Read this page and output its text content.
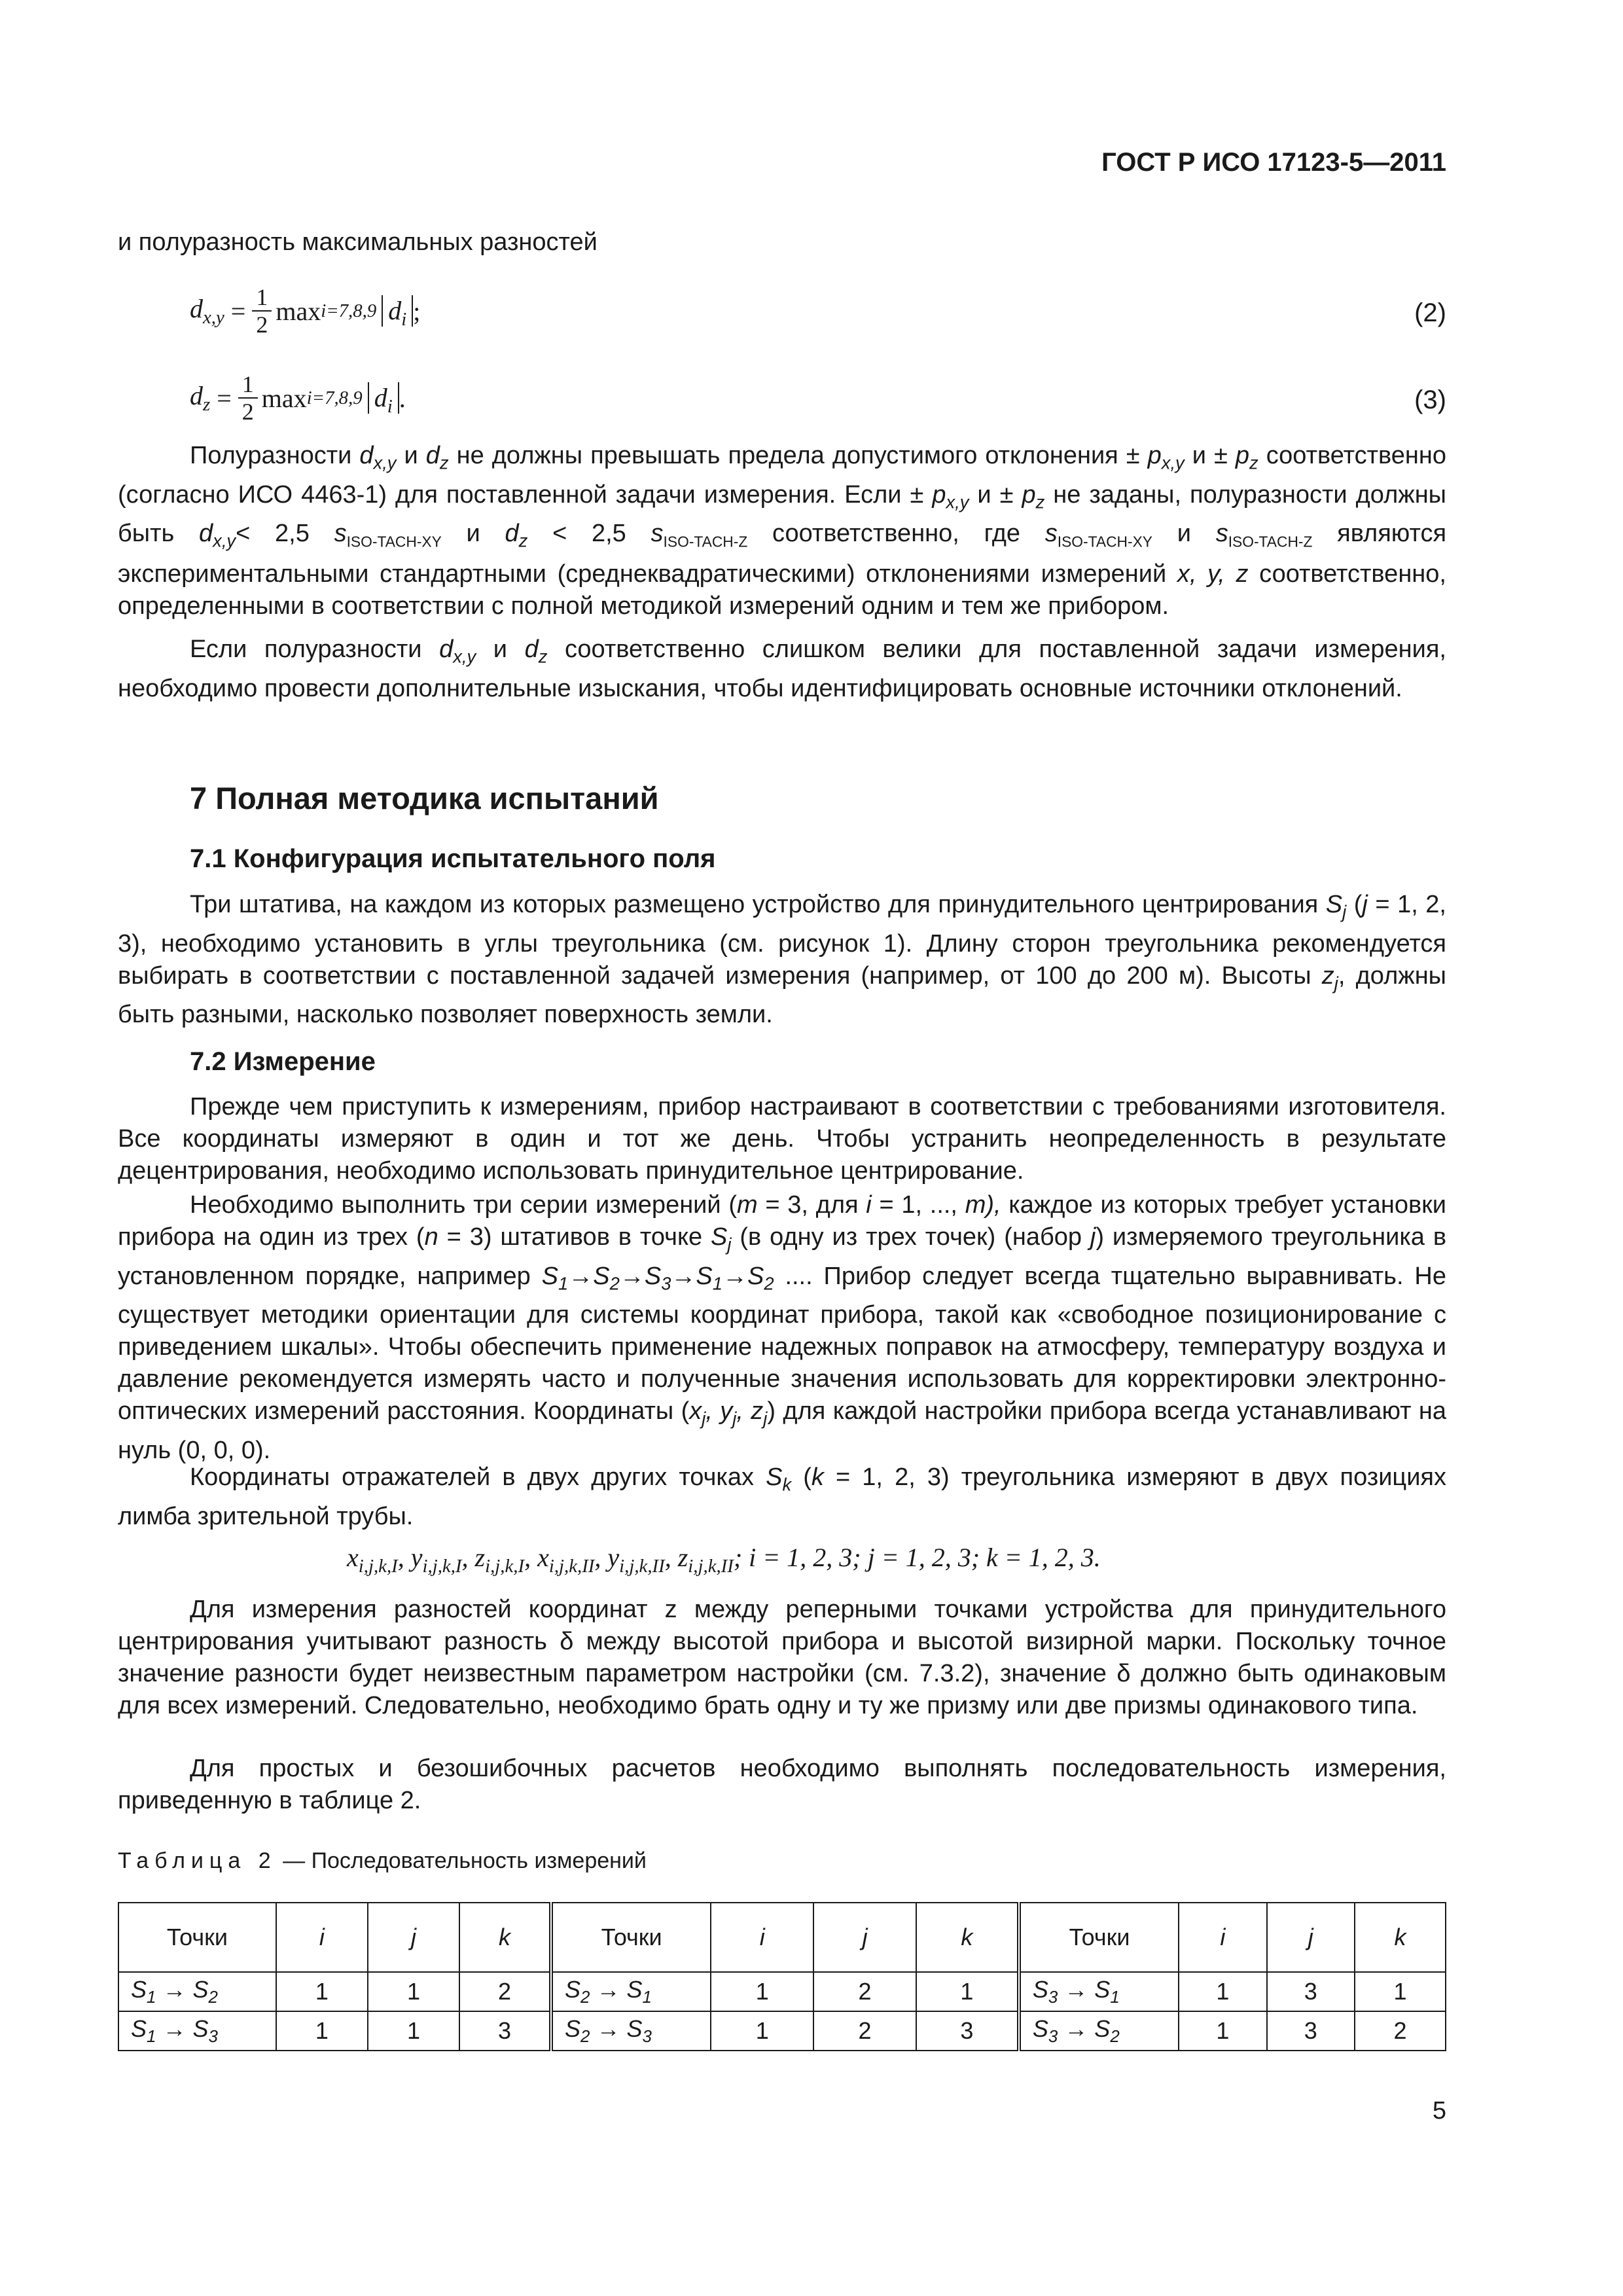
ГОСТ Р ИСО 17123-5—2011
и полуразность максимальных разностей
$d_{x,y} = \frac{1}{2}$ max i=7,8,9 $d_i$ ;	(2)
$d_z = \frac{1}{2}$ max i=7,8,9 $d_i$ .	(3)
Полуразности $d_{x,y}$ и $d_z$ не должны превышать предела допустимого отклонения ± $p_{x,y}$ $и \pm p_z$ соответственно (согласно ИСО 4463-1) для поставленной задачи измерения. Если ± $p_{x,y}$ $и \pm p_z$ не заданы, полуразности должны быть $d_{x,y}< 2,5$ $s_{ISO-TACH-XY}$ и $d_z < 2,5$ $s_{ISO-TACH-Z}$ соответственно, где $s_{ISO-TACH-XY}$ и $s_{ISO-TACH-Z}$ являются экспериментальными стандартными (среднеквадратическими) отклонениями измерений x, y, z соответственно, определенными в соответствии с полной методикой измерений одним и тем же прибором.
Если полуразности $d_{x,y}$ и $d_z$ соответственно слишком велики для поставленной задачи измерения, необходимо провести дополнительные изыскания, чтобы идентифицировать основные источники отклонений.
7 Полная методика испытаний
7.1 Конфигурация испытательного поля
Три штатива, на каждом из которых размещено устройство для принудительного центрирования $S_j$ (j = 1, 2, 3), необходимо установить в углы треугольника (см. рисунок 1). Длину сторон треугольника рекомендуется выбирать в соответствии с поставленной задачей измерения (например, от 100 до 200 м). Высоты $z_j$, должны быть разными, насколько позволяет поверхность земли.
7.2 Измерение
Прежде чем приступить к измерениям, прибор настраивают в соответствии с требованиями изготовителя. Все координаты измеряют в один и тот же день. Чтобы устранить неопределенность в результате децентрирования, необходимо использовать принудительное центрирование.
Необходимо выполнить три серии измерений (m = 3, для i = 1, ..., m), каждое из которых требует установки прибора на один из трех (n = 3) штативов в точке $S_j$ (в одну из трех точек) (набор j) измеряемого треугольника в установленном порядке, например $S_1\to S_2\to S_3\to S_1\to S_2$ .... Прибор следует всегда тщательно выравнивать. Не существует методики ориентации для системы координат прибора, такой как «свободное позиционирование с приведением шкалы». Чтобы обеспечить применение надежных поправок на атмосферу, температуру воздуха и давление рекомендуется измерять часто и полученные значения использовать для корректировки электронно-оптических измерений расстояния. Координаты ($x_j$, $y_j$, $z_j$) для каждой настройки прибора всегда устанавливают на нуль (0, 0, 0).
Координаты отражателей в двух других точках $S_k$ (k = 1, 2, 3) треугольника измеряют в двух позициях лимба зрительной трубы.
$x_{i,j,k,I}$, $y_{i,j,k,I}$, $z_{i,j,k,I}$, $x_{i,j,k,II}$, $y_{i,j,k,II}$, $z_{i,j,k,II}$; i = 1, 2, 3; j = 1, 2, 3; k = 1, 2, 3.
Для измерения разностей координат z между реперными точками устройства для принудительного центрирования учитывают разность δ между высотой прибора и высотой визирной марки. Поскольку точное значение разности будет неизвестным параметром настройки (см. 7.3.2), значение δ должно быть одинаковым для всех измерений. Следовательно, необходимо брать одну и ту же призму или две призмы одинакового типа.
Для простых и безошибочных расчетов необходимо выполнять последовательность измерения, приведенную в таблице 2.
Таблица 2 — Последовательность измерений
Точки	i	j	k	Точки	i	j	k	Точки	i	j	k
$S_1 \to S_2$	1	1	2	$S_2 \to S_1$	1	2	1	$S_3 \to S_1$	1	3	1
$S_1 \to S_3$	1	1	3	$S_2 \to S_3$	1	2	3	$S_3 \to S_2$	1	3	2
5
